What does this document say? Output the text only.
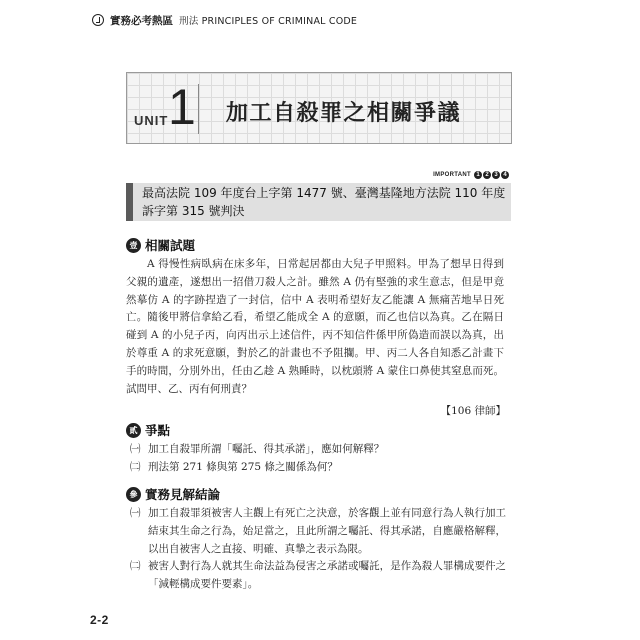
實務必考熱區 刑法 PRINCIPLES OF CRIMINAL CODE
UNIT 1 加工自殺罪之相關爭議
IMPORTANT 1 2 3 4
最高法院 109 年度台上字第 1477 號、臺灣基隆地方法院 110 年度訴字第 315 號判決
壹 相關試題
A 得慢性病臥病在床多年，日常起居都由大兒子甲照料。甲為了想早日得到父親的遺產，遂想出一招借刀殺人之計。雖然 A 仍有堅強的求生意志，但是甲竟然摹仿 A 的字跡捏造了一封信，信中 A 表明希望好友乙能讓 A 無痛苦地早日死亡。隨後甲將信拿給乙看，希望乙能成全 A 的意願，而乙也信以為真。乙在隔日碰到 A 的小兒子丙，向丙出示上述信件，丙不知信件係甲所偽造而誤以為真，出於尊重 A 的求死意願，對於乙的計畫也不予阻攔。甲、丙二人各自知悉乙計畫下手的時間，分別外出，任由乙趁 A 熟睡時，以枕頭將 A 蒙住口鼻使其窒息而死。試問甲、乙、丙有何刑責？
【106 律師】
貳 爭點
㈠ 加工自殺罪所謂「囑託、得其承諾」，應如何解釋？
㈡ 刑法第 271 條與第 275 條之關係為何？
參 實務見解結論
㈠ 加工自殺罪須被害人主觀上有死亡之決意，於客觀上並有同意行為人執行加工結束其生命之行為，始足當之，且此所謂之囑託、得其承諾，自應嚴格解釋，以出自被害人之直接、明確、真摯之表示為限。
㈡ 被害人對行為人就其生命法益為侵害之承諾或囑託，是作為殺人罪構成要件之「減輕構成要件要素」。
2-2
